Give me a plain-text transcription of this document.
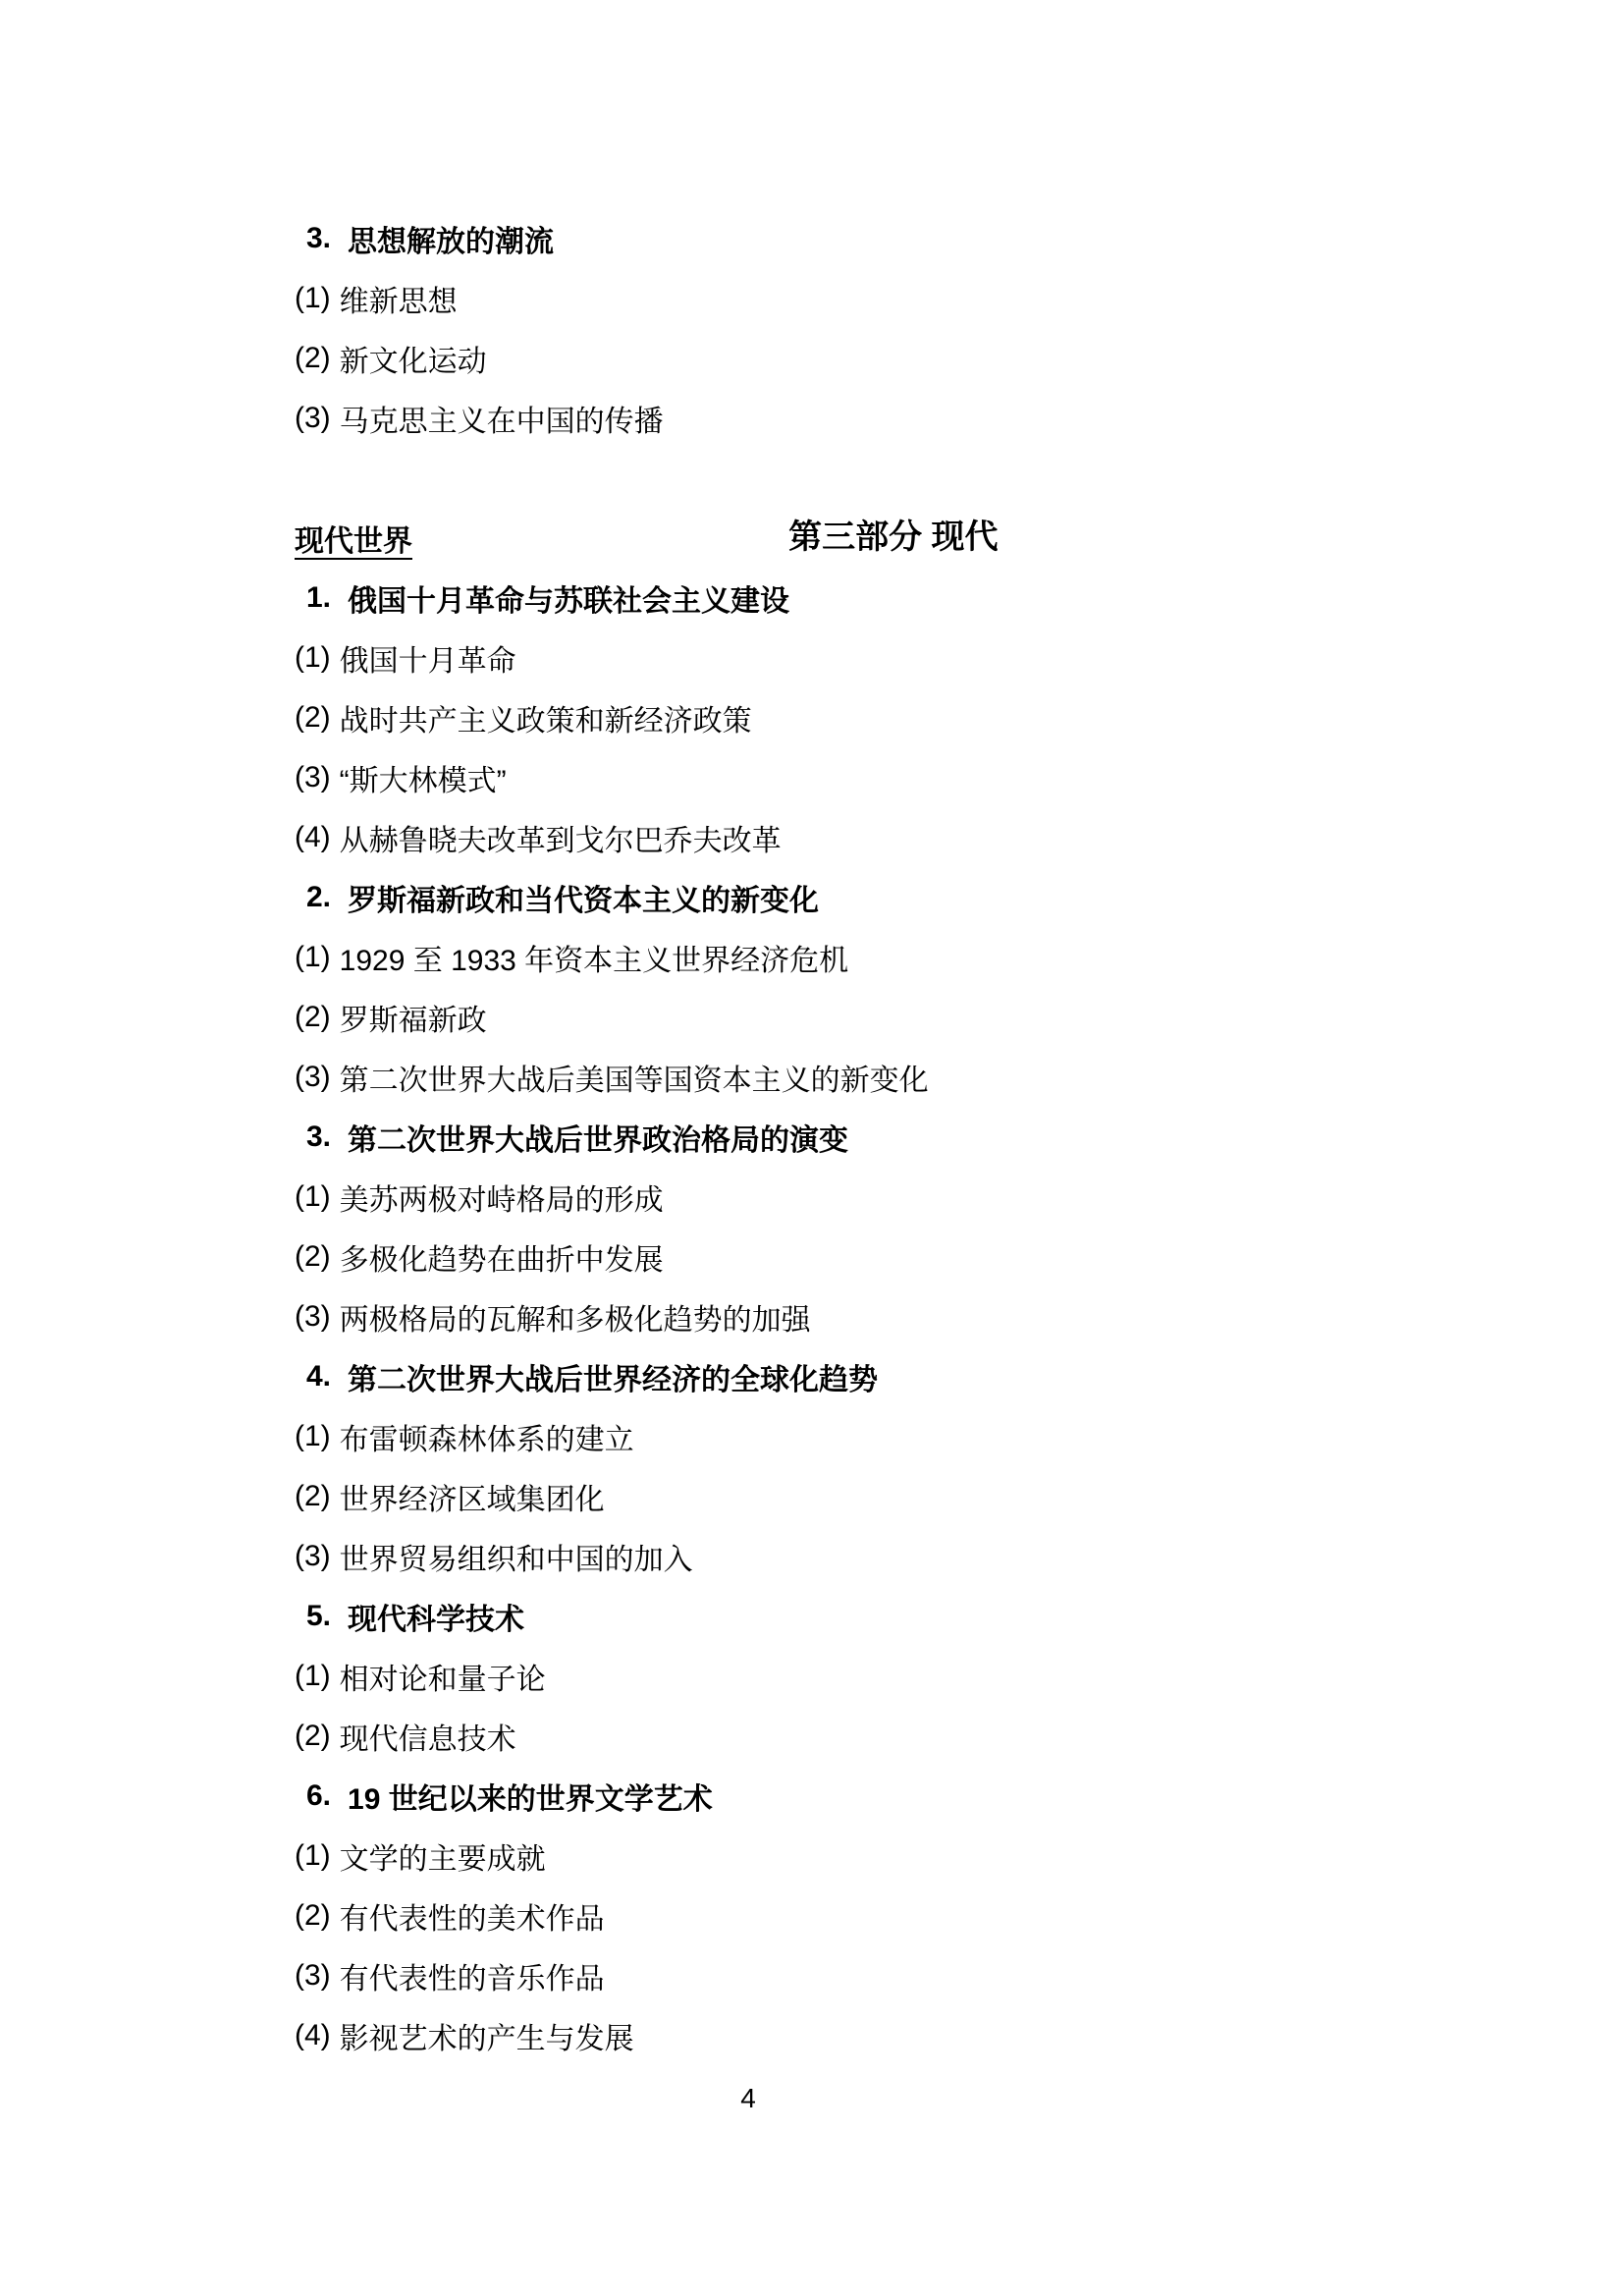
3. 思想解放的潮流
(1) 维新思想
(2) 新文化运动
(3) 马克思主义在中国的传播

第三部分 现代

现代世界
1. 俄国十月革命与苏联社会主义建设
(1) 俄国十月革命
(2) 战时共产主义政策和新经济政策
(3) “斯大林模式”
(4) 从赫鲁晓夫改革到戈尔巴乔夫改革
2. 罗斯福新政和当代资本主义的新变化
(1) 1929 至 1933 年资本主义世界经济危机
(2) 罗斯福新政
(3) 第二次世界大战后美国等国资本主义的新变化
3. 第二次世界大战后世界政治格局的演变
(1) 美苏两极对峙格局的形成
(2) 多极化趋势在曲折中发展
(3) 两极格局的瓦解和多极化趋势的加强
4. 第二次世界大战后世界经济的全球化趋势
(1) 布雷顿森林体系的建立
(2) 世界经济区域集团化
(3) 世界贸易组织和中国的加入
5. 现代科学技术
(1) 相对论和量子论
(2) 现代信息技术
6. 19 世纪以来的世界文学艺术
(1) 文学的主要成就
(2) 有代表性的美术作品
(3) 有代表性的音乐作品
(4) 影视艺术的产生与发展
4
